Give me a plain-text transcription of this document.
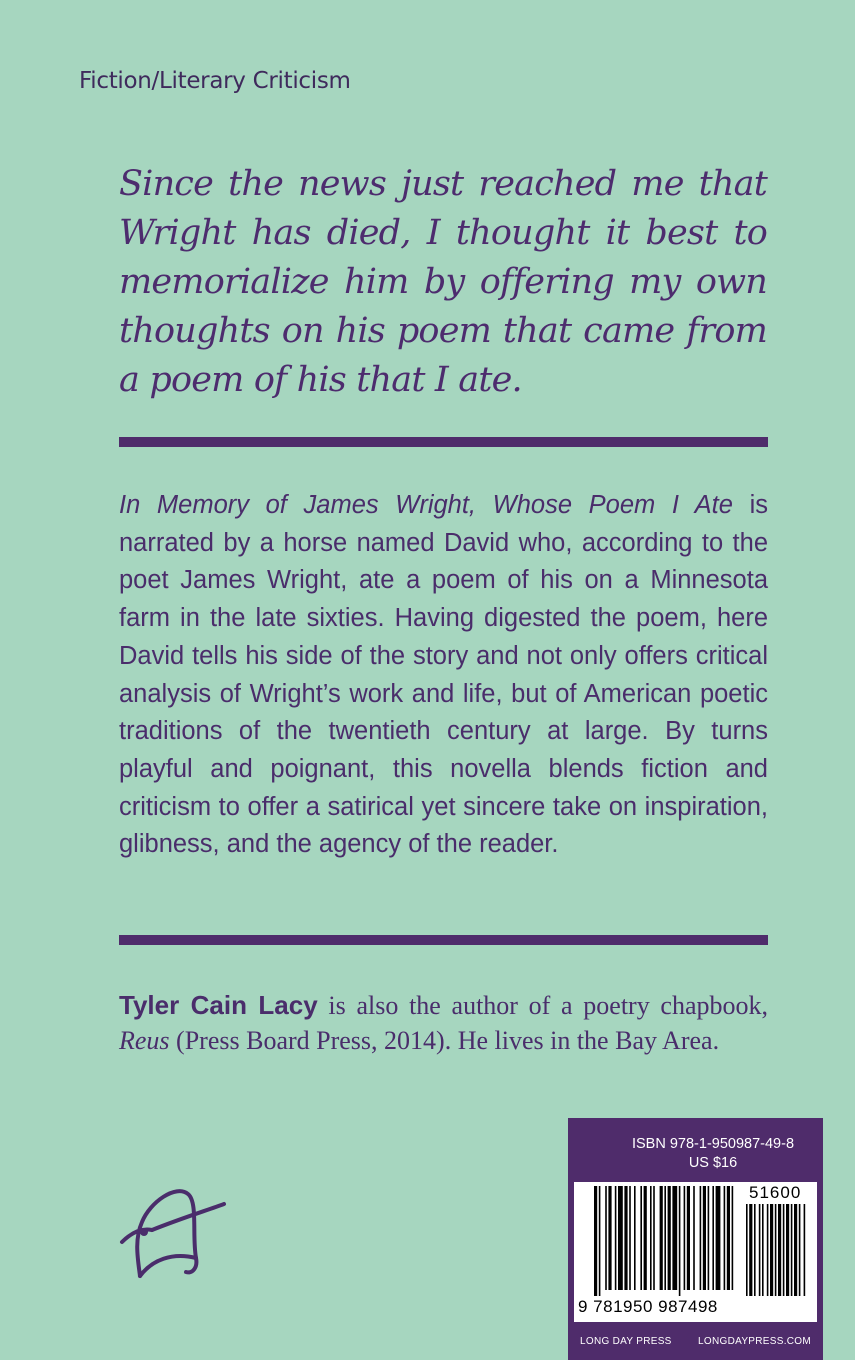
Fiction/Literary Criticism
Since the news just reached me that Wright has died, I thought it best to memorialize him by offering my own thoughts on his poem that came from a poem of his that I ate.
In Memory of James Wright, Whose Poem I Ate is narrated by a horse named David who, according to the poet James Wright, ate a poem of his on a Minnesota farm in the late sixties. Having digested the poem, here David tells his side of the story and not only offers critical analysis of Wright’s work and life, but of American poetic traditions of the twentieth century at large. By turns playful and poignant, this novella blends fiction and criticism to offer a satirical yet sincere take on inspiration, glibness, and the agency of the reader.
Tyler Cain Lacy is also the author of a poetry chapbook, Reus (Press Board Press, 2014). He lives in the Bay Area.
ISBN 978-1-950987-49-8
US $16
51600
9 781950 987498
LONG DAY PRESS	LONGDAYPRESS.COM
